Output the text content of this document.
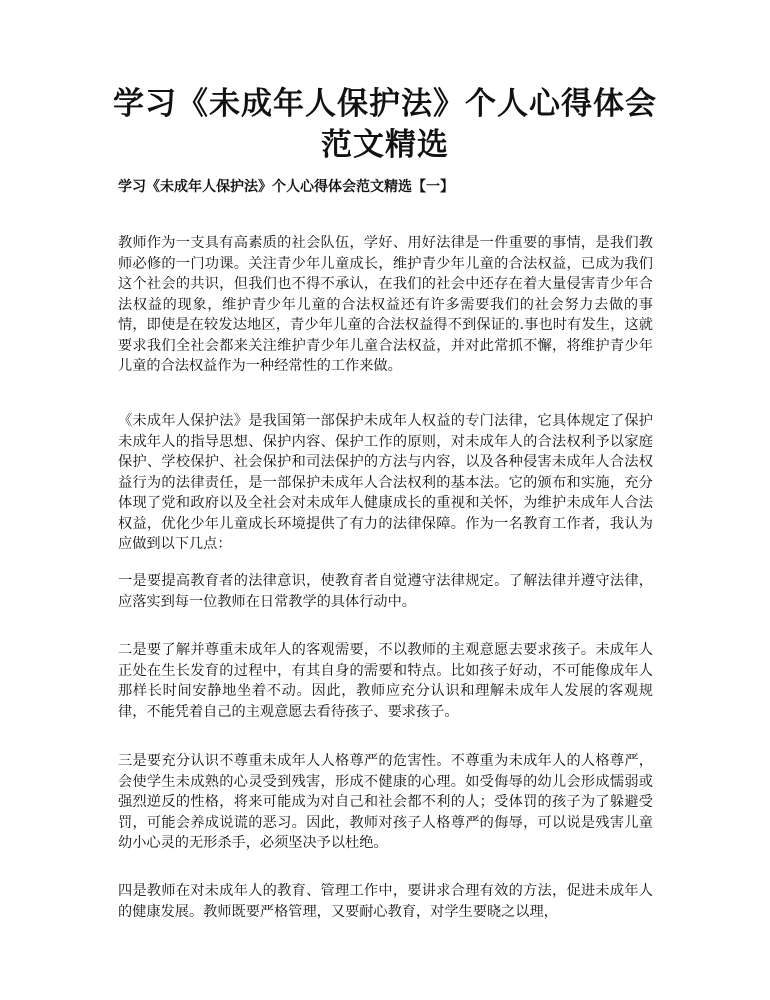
学习《未成年人保护法》个人心得体会
范文精选

学习《未成年人保护法》个人心得体会范文精选【一】

教师作为一支具有高素质的社会队伍，学好、用好法律是一件重要的事情，是我们教师必修的一门功课。关注青少年儿童成长，维护青少年儿童的合法权益，已成为我们这个社会的共识，但我们也不得不承认，在我们的社会中还存在着大量侵害青少年合法权益的现象，维护青少年儿童的合法权益还有许多需要我们的社会努力去做的事情，即使是在较发达地区，青少年儿童的合法权益得不到保证的.事也时有发生，这就要求我们全社会都来关注维护青少年儿童合法权益，并对此常抓不懈，将维护青少年儿童的合法权益作为一种经常性的工作来做。

《未成年人保护法》是我国第一部保护未成年人权益的专门法律，它具体规定了保护未成年人的指导思想、保护内容、保护工作的原则，对未成年人的合法权利予以家庭保护、学校保护、社会保护和司法保护的方法与内容，以及各种侵害未成年人合法权益行为的法律责任，是一部保护未成年人合法权利的基本法。它的颁布和实施，充分体现了党和政府以及全社会对未成年人健康成长的重视和关怀，为维护未成年人合法权益，优化少年儿童成长环境提供了有力的法律保障。作为一名教育工作者，我认为应做到以下几点：

一是要提高教育者的法律意识，使教育者自觉遵守法律规定。了解法律并遵守法律，应落实到每一位教师在日常教学的具体行动中。

二是要了解并尊重未成年人的客观需要，不以教师的主观意愿去要求孩子。未成年人正处在生长发育的过程中，有其自身的需要和特点。比如孩子好动，不可能像成年人那样长时间安静地坐着不动。因此，教师应充分认识和理解未成年人发展的客观规律，不能凭着自己的主观意愿去看待孩子、要求孩子。

三是要充分认识不尊重未成年人人格尊严的危害性。不尊重为未成年人的人格尊严，会使学生未成熟的心灵受到残害，形成不健康的心理。如受侮辱的幼儿会形成懦弱或强烈逆反的性格，将来可能成为对自己和社会都不利的人；受体罚的孩子为了躲避受罚，可能会养成说谎的恶习。因此，教师对孩子人格尊严的侮辱，可以说是残害儿童幼小心灵的无形杀手，必须坚决予以杜绝。

四是教师在对未成年人的教育、管理工作中，要讲求合理有效的方法，促进未成年人的健康发展。教师既要严格管理，又要耐心教育，对学生要晓之以理，
